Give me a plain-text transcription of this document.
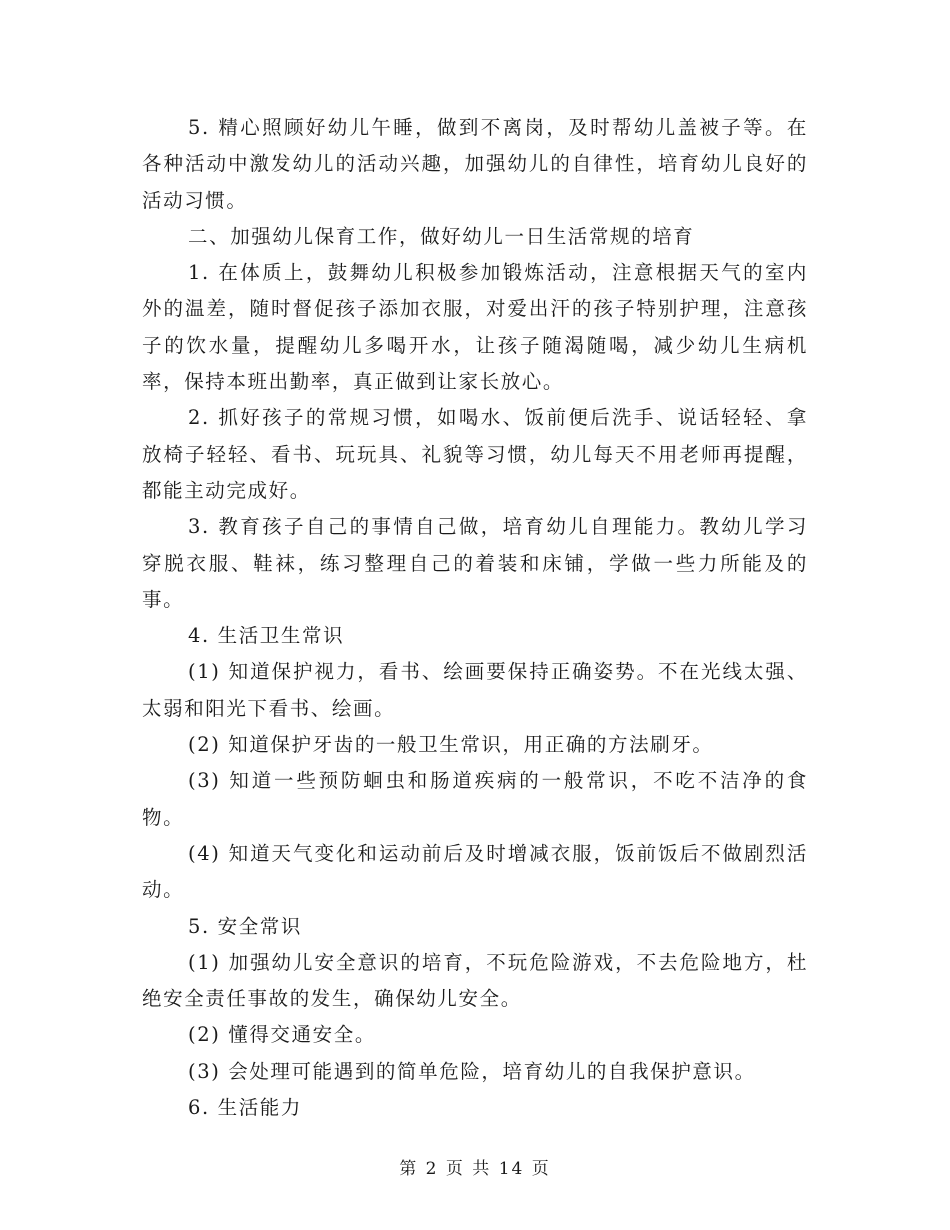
5. 精心照顾好幼儿午睡，做到不离岗，及时帮幼儿盖被子等。在各种活动中激发幼儿的活动兴趣，加强幼儿的自律性，培育幼儿良好的活动习惯。

二、加强幼儿保育工作，做好幼儿一日生活常规的培育

1. 在体质上，鼓舞幼儿积极参加锻炼活动，注意根据天气的室内外的温差，随时督促孩子添加衣服，对爱出汗的孩子特别护理，注意孩子的饮水量，提醒幼儿多喝开水，让孩子随渴随喝，减少幼儿生病机率，保持本班出勤率，真正做到让家长放心。

2. 抓好孩子的常规习惯，如喝水、饭前便后洗手、说话轻轻、拿放椅子轻轻、看书、玩玩具、礼貌等习惯，幼儿每天不用老师再提醒，都能主动完成好。

3. 教育孩子自己的事情自己做，培育幼儿自理能力。教幼儿学习穿脱衣服、鞋袜，练习整理自己的着装和床铺，学做一些力所能及的事。

4. 生活卫生常识

(1) 知道保护视力，看书、绘画要保持正确姿势。不在光线太强、太弱和阳光下看书、绘画。

(2) 知道保护牙齿的一般卫生常识，用正确的方法刷牙。

(3) 知道一些预防蛔虫和肠道疾病的一般常识，不吃不洁净的食物。

(4) 知道天气变化和运动前后及时增减衣服，饭前饭后不做剧烈活动。

5. 安全常识

(1) 加强幼儿安全意识的培育，不玩危险游戏，不去危险地方，杜绝安全责任事故的发生，确保幼儿安全。

(2) 懂得交通安全。

(3) 会处理可能遇到的简单危险，培育幼儿的自我保护意识。

6. 生活能力

第 2 页 共 14 页
